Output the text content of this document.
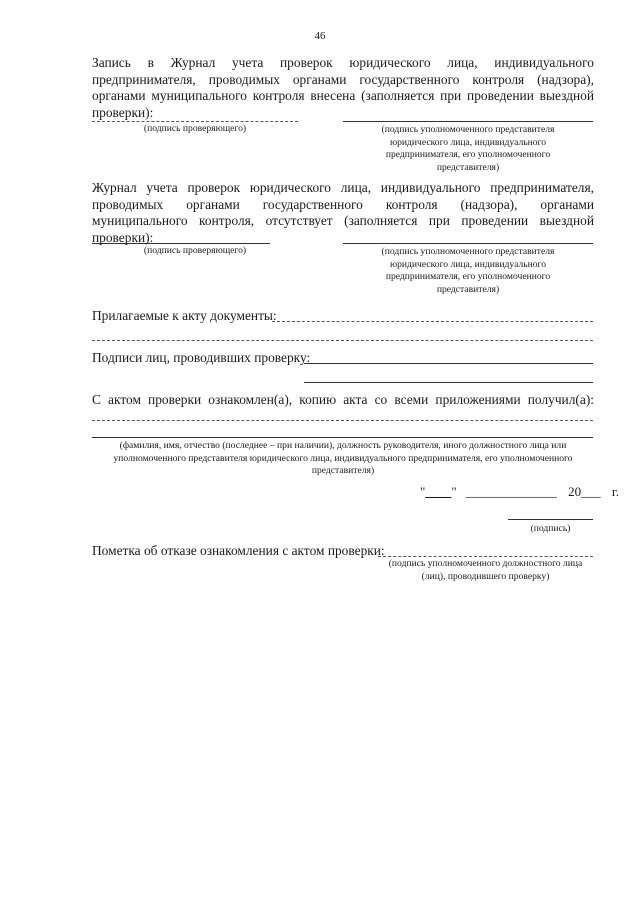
46
Запись в Журнал учета проверок юридического лица, индивидуального предпринимателя, проводимых органами государственного контроля (надзора), органами муниципального контроля внесена (заполняется при проведении выездной проверки):
(подпись проверяющего)	(подпись уполномоченного представителя юридического лица, индивидуального предпринимателя, его уполномоченного представителя)
Журнал учета проверок юридического лица, индивидуального предпринимателя, проводимых органами государственного контроля (надзора), органами муниципального контроля, отсутствует (заполняется при проведении выездной проверки):
(подпись проверяющего)	(подпись уполномоченного представителя юридического лица, индивидуального предпринимателя, его уполномоченного представителя)
Прилагаемые к акту документы:
Подписи лиц, проводивших проверку:
С актом проверки ознакомлен(а), копию акта со всеми приложениями получил(а):
(фамилия, имя, отчество (последнее – при наличии), должность руководителя, иного должностного лица или уполномоченного представителя юридического лица, индивидуального предпринимателя, его уполномоченного представителя)
"____" ______________ 20___ г.
(подпись)
Пометка об отказе ознакомления с актом проверки:
(подпись уполномоченного должностного лица (лиц), проводившего проверку)
